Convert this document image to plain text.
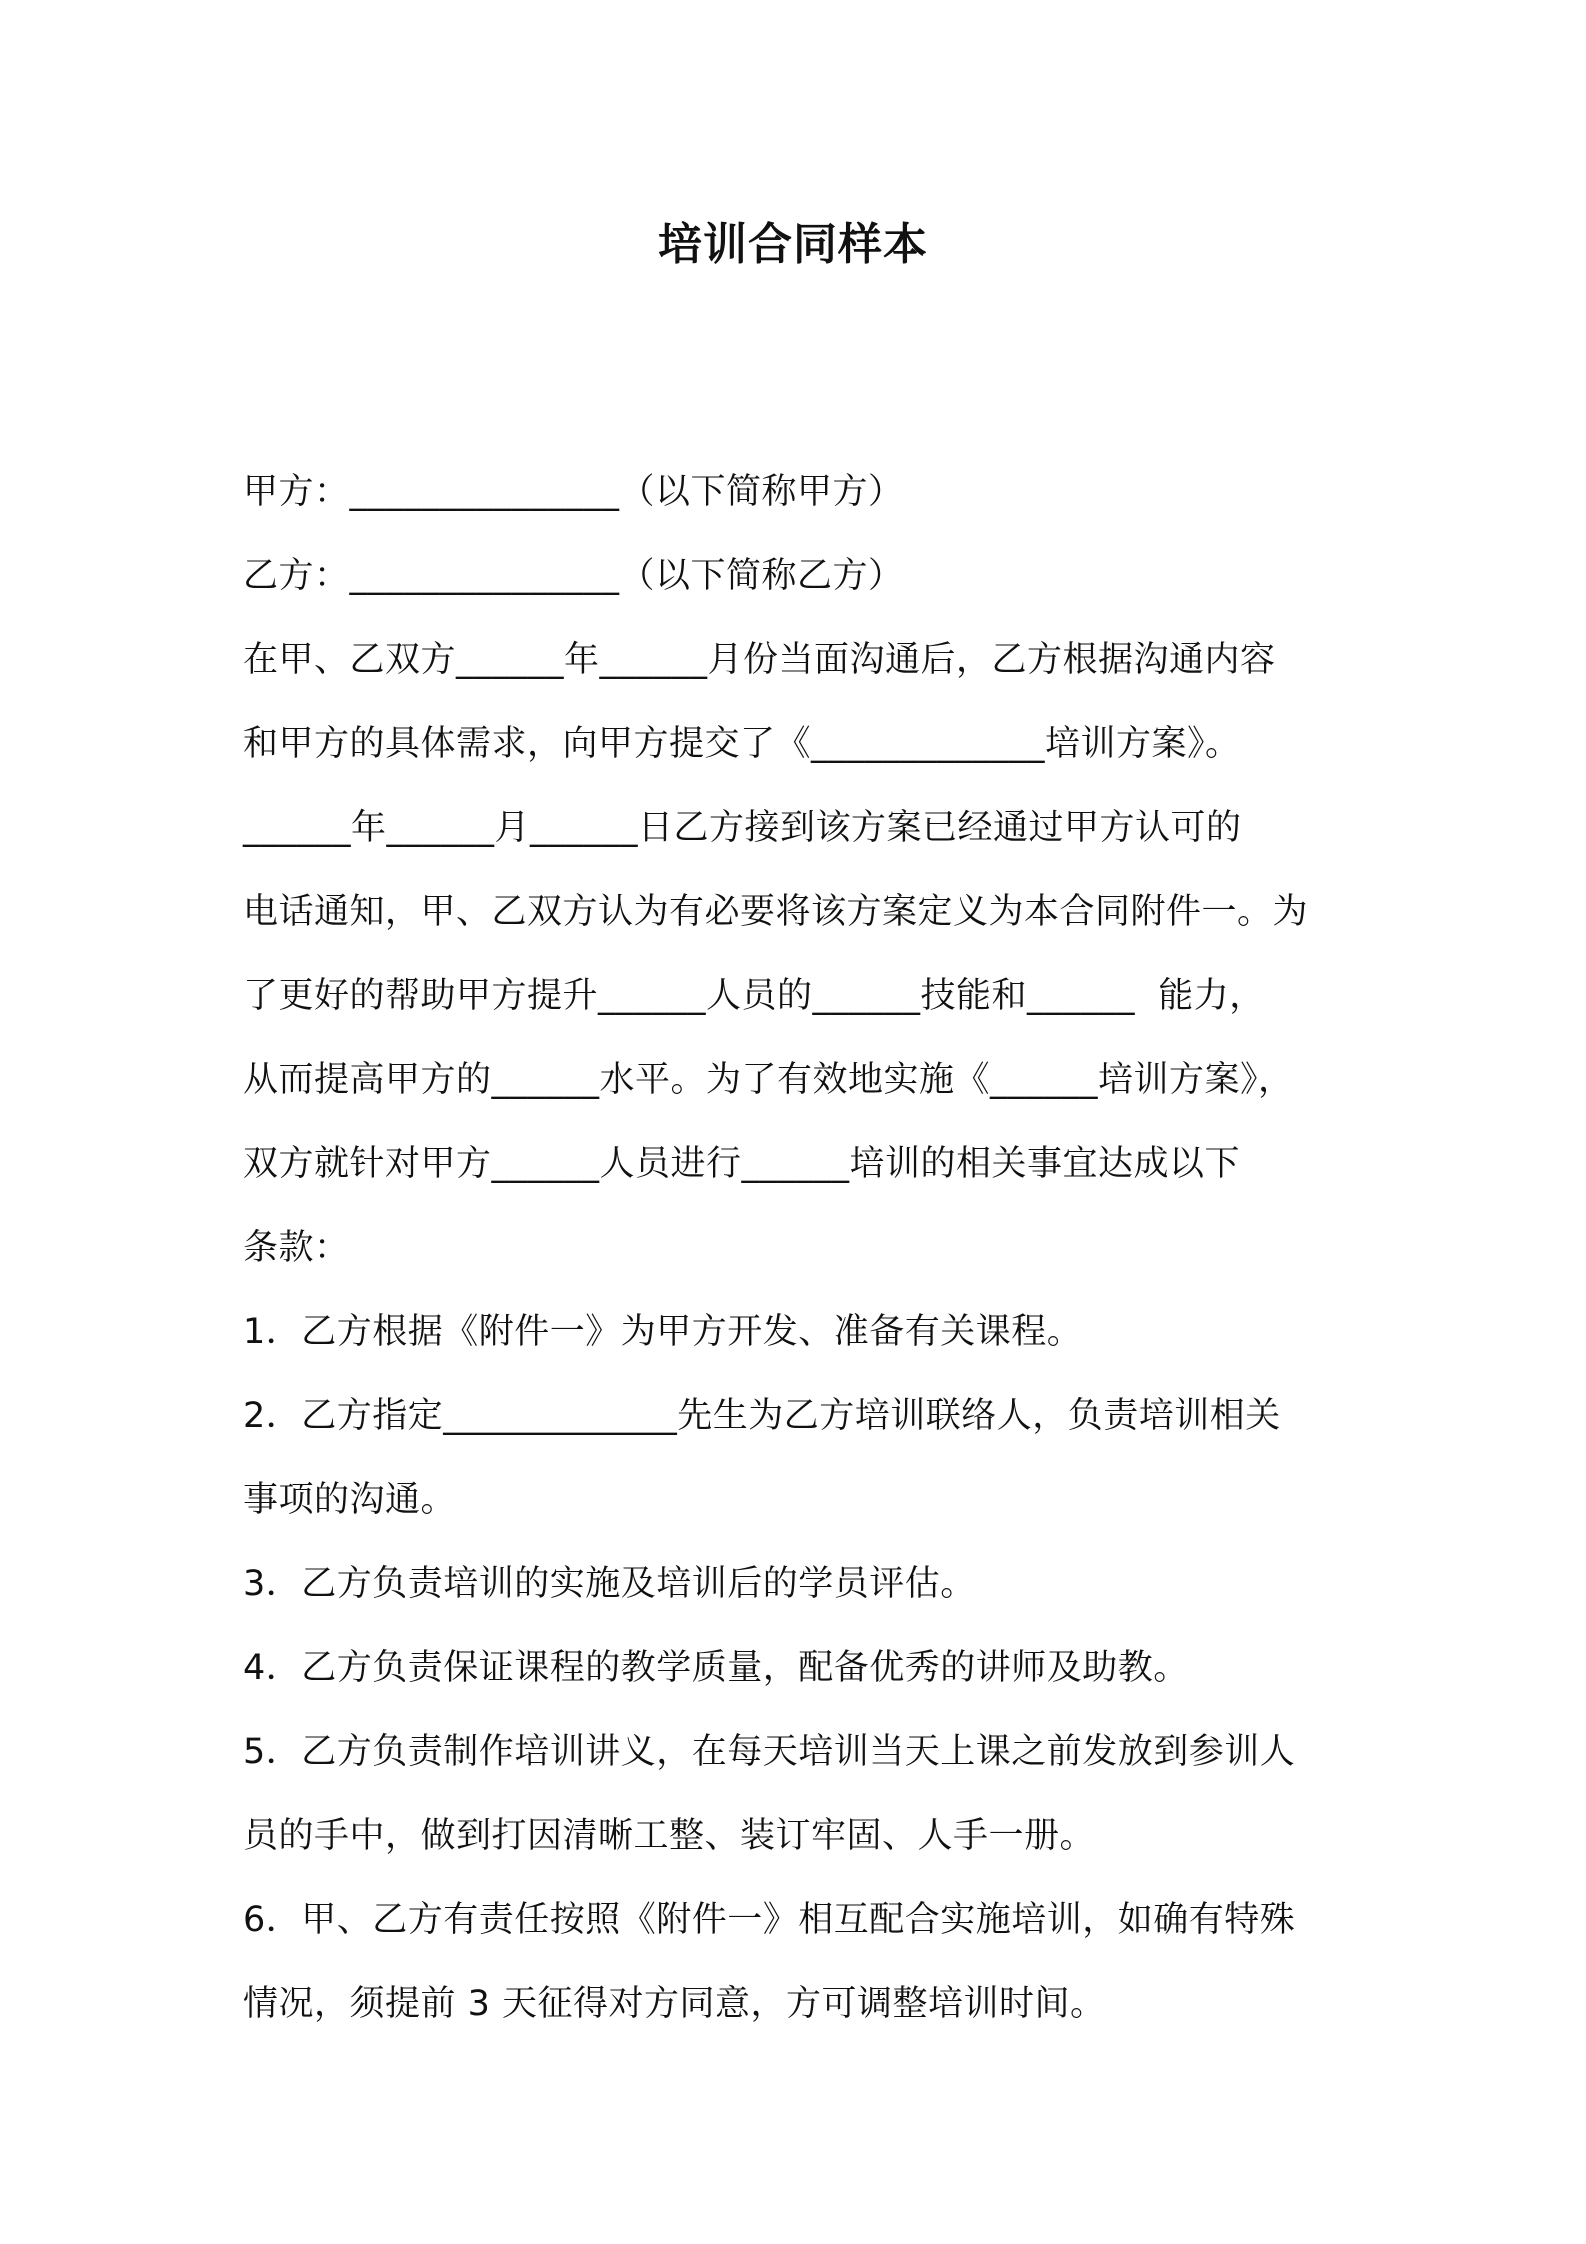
培训合同样本
甲方：_______________（以下简称甲方）
乙方：_______________（以下简称乙方）
在甲、乙双方______年______月份当面沟通后，乙方根据沟通内容
和甲方的具体需求，向甲方提交了《_____________培训方案》。
______年______月______日乙方接到该方案已经通过甲方认可的
电话通知，甲、乙双方认为有必要将该方案定义为本合同附件一。为
了更好的帮助甲方提升______人员的______技能和______  能力，
从而提高甲方的______水平。为了有效地实施《______培训方案》，
双方就针对甲方______人员进行______培训的相关事宜达成以下
条款：
1．乙方根据《附件一》为甲方开发、准备有关课程。
2．乙方指定_____________先生为乙方培训联络人，负责培训相关
事项的沟通。
3．乙方负责培训的实施及培训后的学员评估。
4．乙方负责保证课程的教学质量，配备优秀的讲师及助教。
5．乙方负责制作培训讲义，在每天培训当天上课之前发放到参训人
员的手中，做到打因清晰工整、装订牢固、人手一册。
6．甲、乙方有责任按照《附件一》相互配合实施培训，如确有特殊
情况，须提前 3 天征得对方同意，方可调整培训时间。
